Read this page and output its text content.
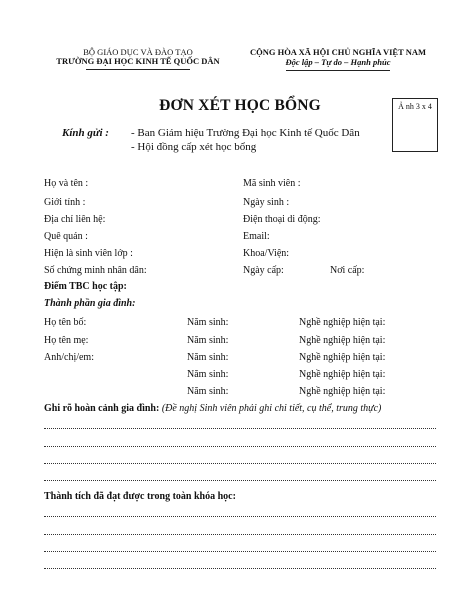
BỘ GIÁO DỤC VÀ ĐÀO TẠO
TRƯỜNG ĐẠI HỌC KINH TẾ QUỐC DÂN
CỘNG HÒA XÃ HỘI CHỦ NGHĨA VIỆT NAM
Độc lập – Tự do – Hạnh phúc
ĐƠN XÉT HỌC BỔNG	Ả nh 3 x 4
Kính gửi : - Ban Giám hiệu Trường Đại học Kinh tế Quốc Dân
- Hội đồng cấp xét học bổng
Họ và tên :	Mã sinh viên :
Giới tính :	Ngày sinh :
Địa chỉ liên hệ:	Điện thoại di động:
Quê quán :	Email:
Hiện là sinh viên lớp :	Khoa/Viện:
Số chứng minh nhân dân:	Ngày cấp:	Nơi cấp:
Điểm TBC học tập:
Thành phần gia đình:
Họ tên bố:	Năm sinh:	Nghề nghiệp hiện tại:
Họ tên mẹ:	Năm sinh:	Nghề nghiệp hiện tại:
Anh/chị/em:	Năm sinh:	Nghề nghiệp hiện tại:
Năm sinh:	Nghề nghiệp hiện tại:
Năm sinh:	Nghề nghiệp hiện tại:
Ghi rõ hoàn cảnh gia đình: (Đề nghị Sinh viên phải ghi chi tiết, cụ thể, trung thực)
Thành tích đã đạt được trong toàn khóa học:
